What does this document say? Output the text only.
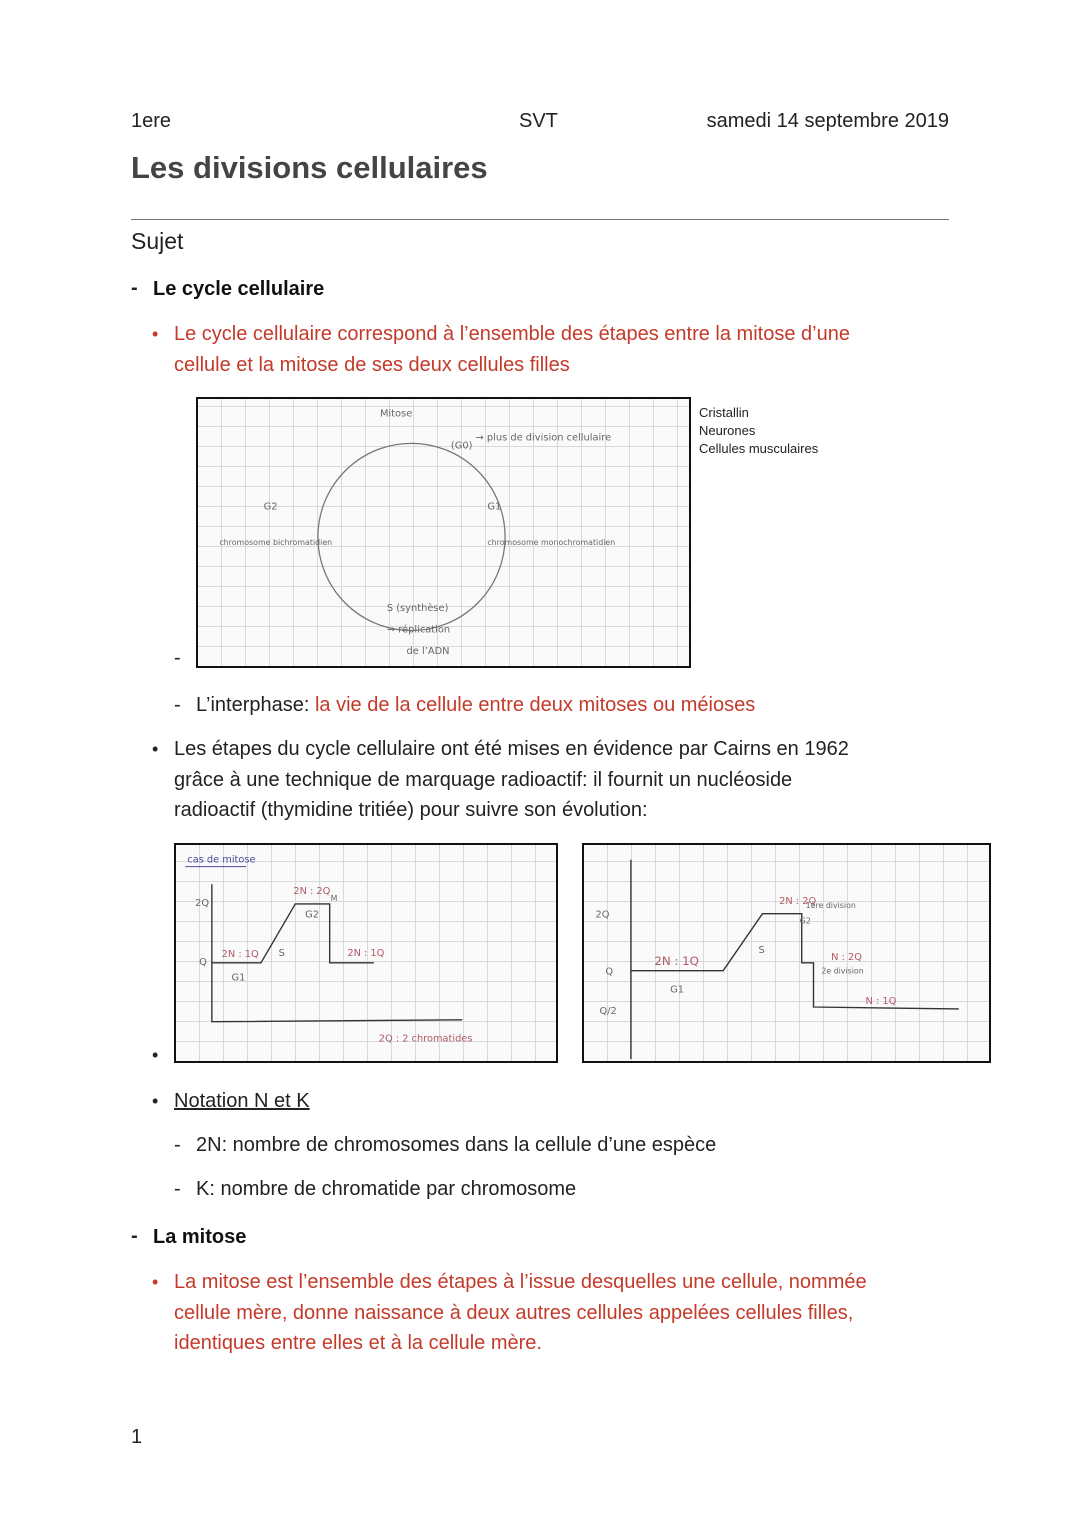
1ere	SVT	samedi 14 septembre 2019
Les divisions cellulaires
Sujet
- Le cycle cellulaire
• Le cycle cellulaire correspond à l’ensemble des étapes entre la mitose d’une
cellule et la mitose de ses deux cellules filles
-
Mitose
(G0)
→ plus de division cellulaire
G2
chromosome bichromatidien
G1
chromosome monochromatidien
S (synthèse)
→ réplication
de l’ADN
Cristallin
Neurones
Cellules musculaires
- L’interphase: la vie de la cellule entre deux mitoses ou méioses
• Les étapes du cycle cellulaire ont été mises en évidence par Cairns en 1962
grâce à une technique de marquage radioactif: il fournit un nucléoside
radioactif (thymidine tritiée) pour suivre son évolution:
•
cas de mitose
2Q
Q
2N : 1Q
G1
S
2N : 2Q
G2
M
2N : 1Q
2Q : 2 chromatides
2Q
Q
Q/2
2N : 1Q
G1
S
2N : 2Q
G2
1ère division
N : 2Q
2e division
N : 1Q
• Notation N et K
- 2N: nombre de chromosomes dans la cellule d’une espèce
- K: nombre de chromatide par chromosome
- La mitose
• La mitose est l’ensemble des étapes à l’issue desquelles une cellule, nommée
cellule mère, donne naissance à deux autres cellules appelées cellules filles,
identiques entre elles et à la cellule mère.
1
